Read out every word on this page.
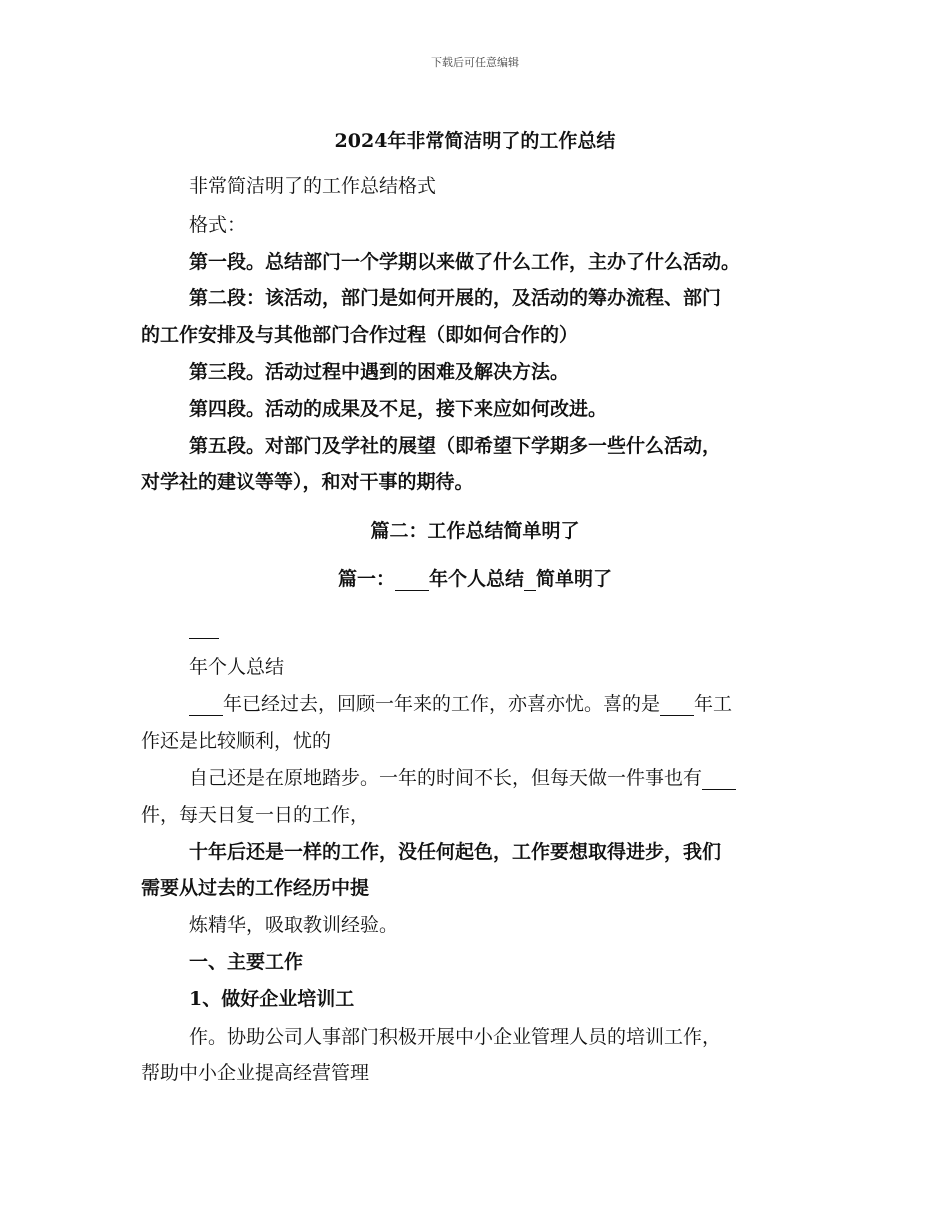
下载后可任意编辑
2024年非常简洁明了的工作总结
非常简洁明了的工作总结格式
格式：
第一段。总结部门一个学期以来做了什么工作，主办了什么活动。
第二段：该活动，部门是如何开展的，及活动的筹办流程、部门
的工作安排及与其他部门合作过程（即如何合作的）
第三段。活动过程中遇到的困难及解决方法。
第四段。活动的成果及不足，接下来应如何改进。
第五段。对部门及学社的展望（即希望下学期多一些什么活动，
对学社的建议等等），和对干事的期待。
篇二：工作总结简单明了
篇一： 年个人总结 简单明了
年个人总结
年已经过去，回顾一年来的工作，亦喜亦忧。喜的是 年工
作还是比较顺利，忧的
自己还是在原地踏步。一年的时间不长，但每天做一件事也有
件，每天日复一日的工作，
十年后还是一样的工作，没任何起色，工作要想取得进步，我们
需要从过去的工作经历中提
炼精华，吸取教训经验。
一、主要工作
1、做好企业培训工
作。协助公司人事部门积极开展中小企业管理人员的培训工作，
帮助中小企业提高经营管理
